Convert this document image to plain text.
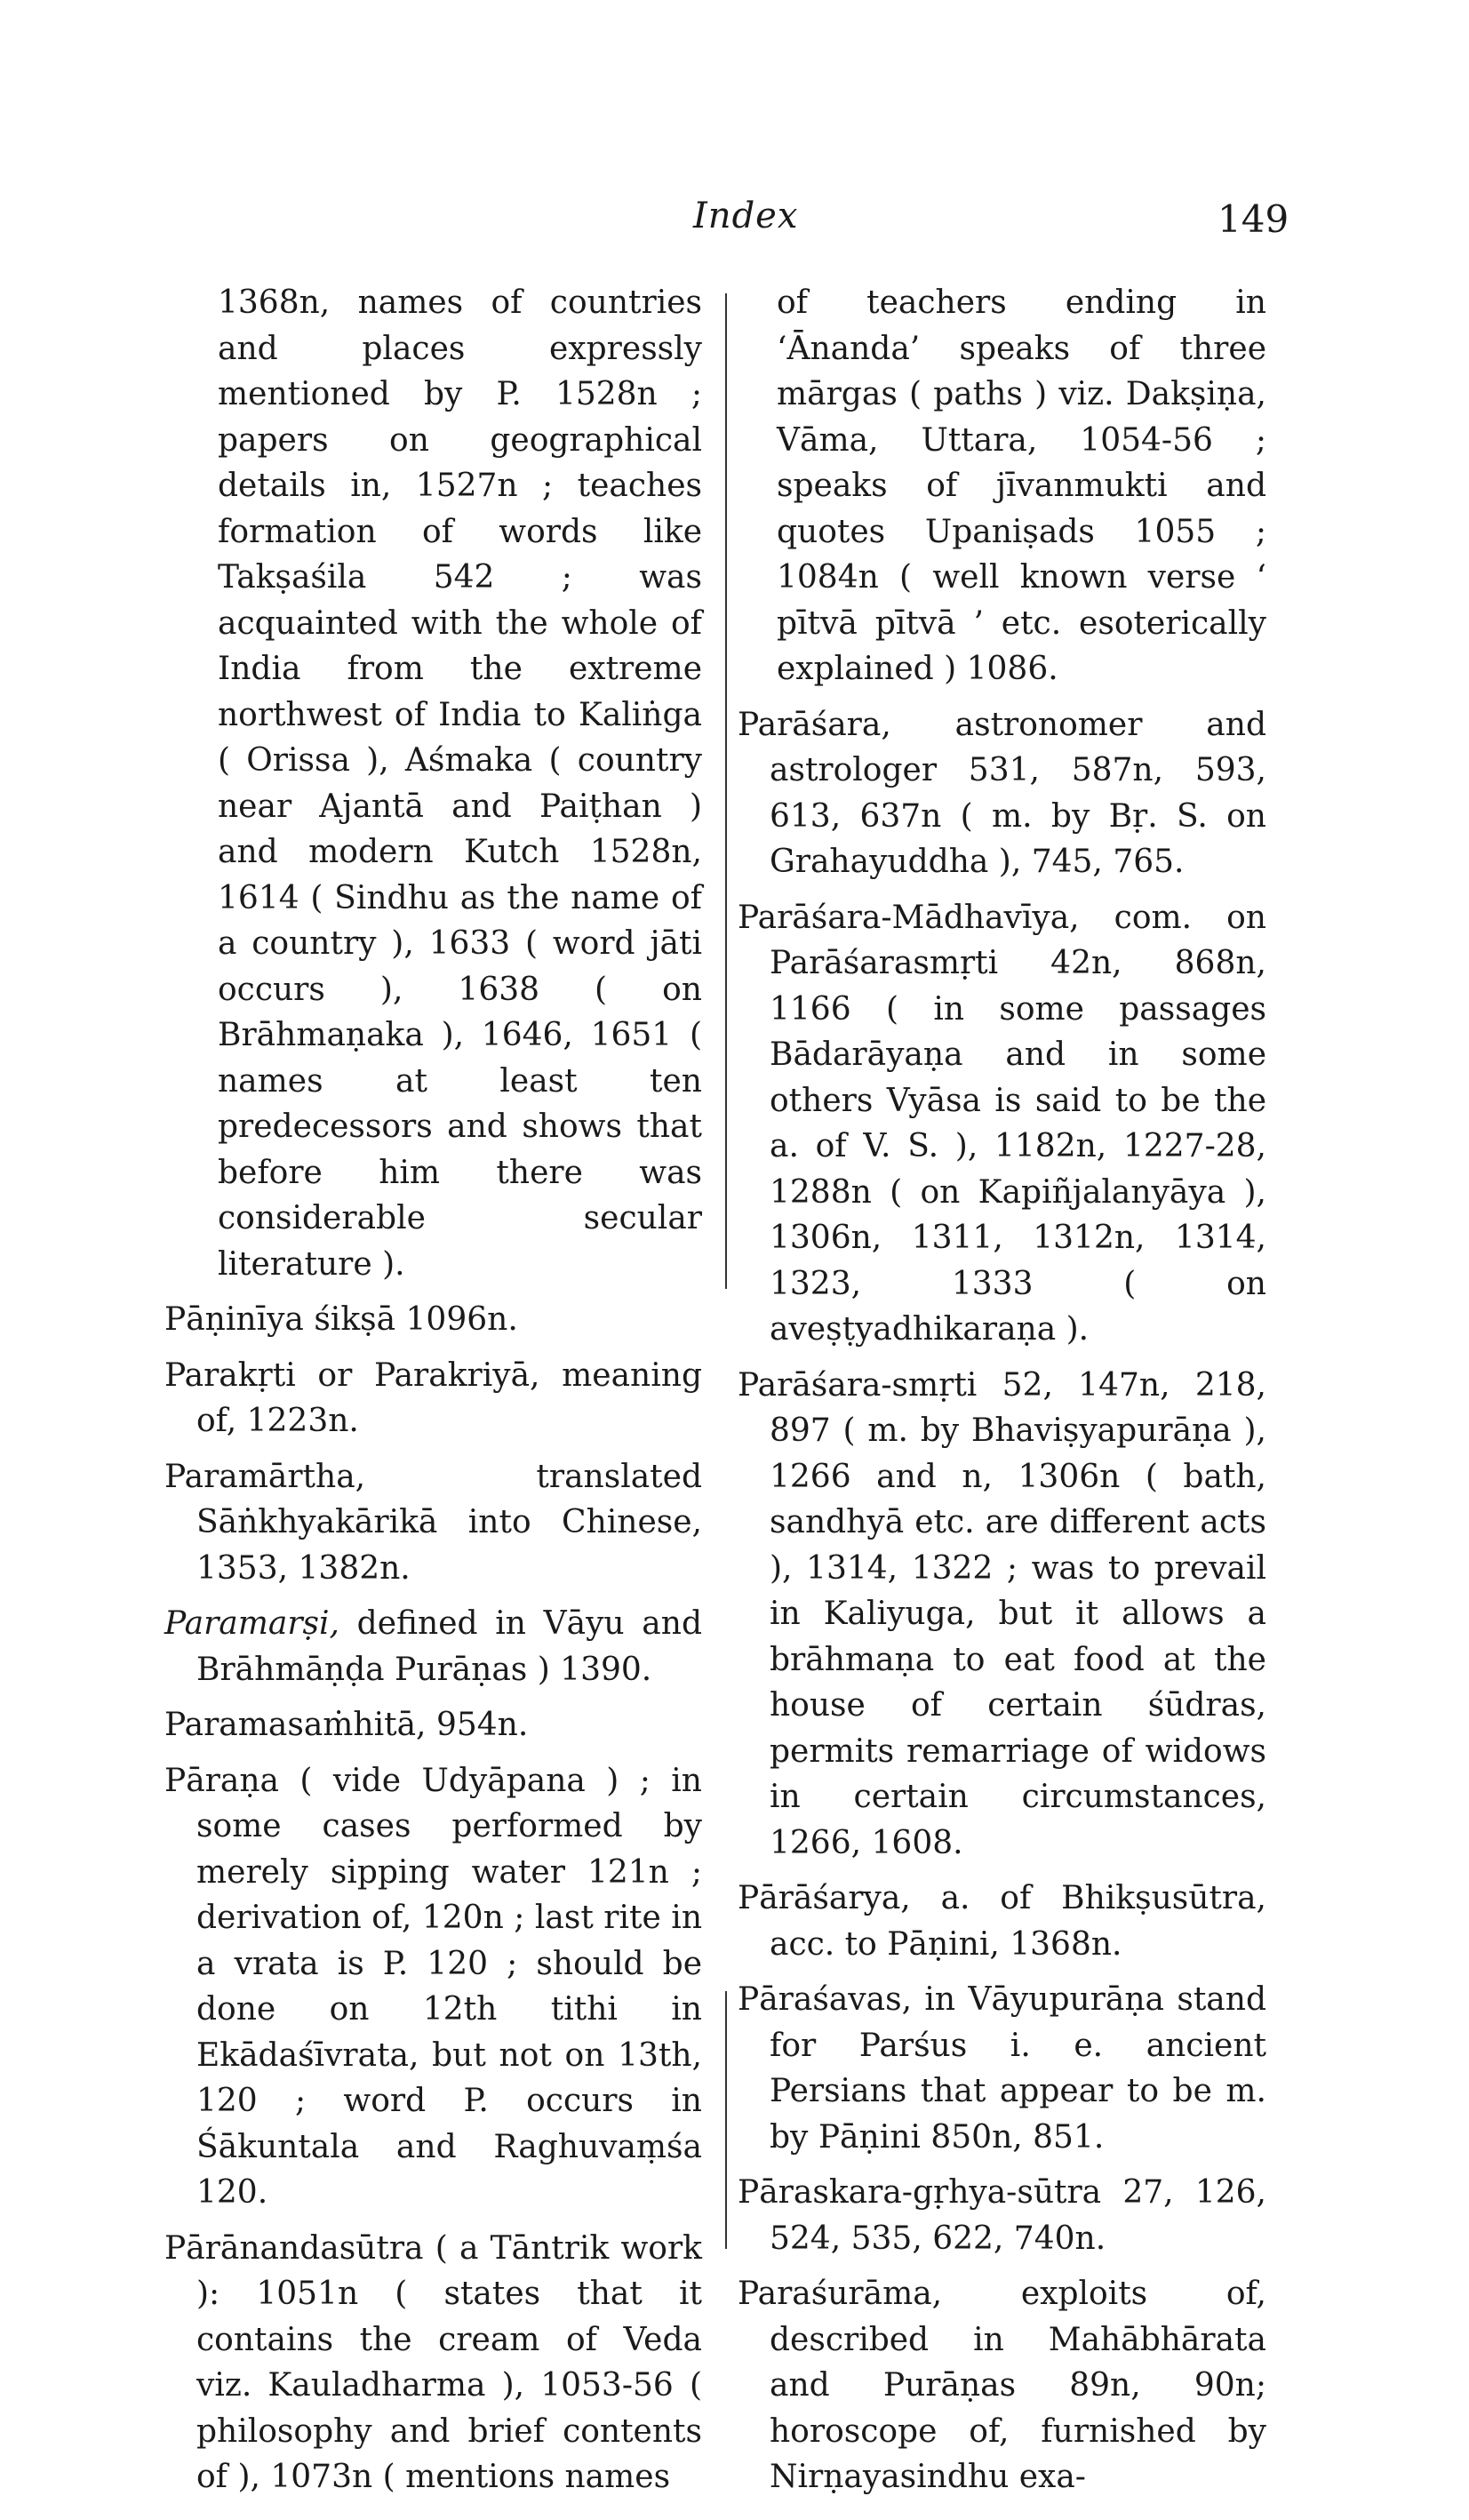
Index	149

1368n, names of countries and places expressly mentioned by P. 1528n ; papers on geographical details in, 1527n ; teaches formation of words like Takṣaśila 542 ; was acquainted with the whole of India from the extreme northwest of India to Kaliṅga ( Orissa ), Aśmaka ( country near Ajantā and Paiṭhan ) and modern Kutch 1528n, 1614 ( Sindhu as the name of a country ), 1633 ( word jāti occurs ), 1638 ( on Brāhmaṇaka ), 1646, 1651 ( names at least ten predecessors and shows that before him there was considerable secular literature ).

Pāṇinīya śikṣā 1096n.

Parakṛti or Parakriyā, meaning of, 1223n.

Paramārtha, translated Sāṅkhyakārikā into Chinese, 1353, 1382n.

Paramarṣi, defined in Vāyu and Brāhmāṇḍa Purāṇas ) 1390.

Paramasaṁhitā, 954n.

Pāraṇa ( vide Udyāpana ) ; in some cases performed by merely sipping water 121n ; derivation of, 120n ; last rite in a vrata is P. 120 ; should be done on 12th tithi in Ekādaśīvrata, but not on 13th, 120 ; word P. occurs in Śākuntala and Raghuvaṃśa 120.

Pārānandasūtra ( a Tāntrik work ): 1051n ( states that it contains the cream of Veda viz. Kauladharma ), 1053-56 ( philosophy and brief contents of ), 1073n ( mentions names

of teachers ending in ‘Ānanda’ speaks of three mārgas ( paths ) viz. Dakṣiṇa, Vāma, Uttara, 1054-56 ; speaks of jīvanmukti and quotes Upaniṣads 1055 ; 1084n ( well known verse ‘ pītvā pītvā ’ etc. esoterically explained ) 1086.

Parāśara, astronomer and astrologer 531, 587n, 593, 613, 637n ( m. by Bṛ. S. on Grahayuddha ), 745, 765.

Parāśara-Mādhavīya, com. on Parāśarasmṛti 42n, 868n, 1166 ( in some passages Bādarāyaṇa and in some others Vyāsa is said to be the a. of V. S. ), 1182n, 1227-28, 1288n ( on Kapiñjalanyāya ), 1306n, 1311, 1312n, 1314, 1323, 1333 ( on aveṣṭyadhikaraṇa ).

Parāśara-smṛti 52, 147n, 218, 897 ( m. by Bhaviṣyapurāṇa ), 1266 and n, 1306n ( bath, sandhyā etc. are different acts ), 1314, 1322 ; was to prevail in Kaliyuga, but it allows a brāhmaṇa to eat food at the house of certain śūdras, permits remarriage of widows in certain circumstances, 1266, 1608.

Pārāśarya, a. of Bhikṣusūtra, acc. to Pāṇini, 1368n.

Pāraśavas, in Vāyupurāṇa stand for Parśus i. e. ancient Persians that appear to be m. by Pāṇini 850n, 851.

Pāraskara-gṛhya-sūtra 27, 126, 524, 535, 622, 740n.

Paraśurāma, exploits of, described in Mahābhārata and Purāṇas 89n, 90n; horoscope of, furnished by Nirṇayasindhu exa-
